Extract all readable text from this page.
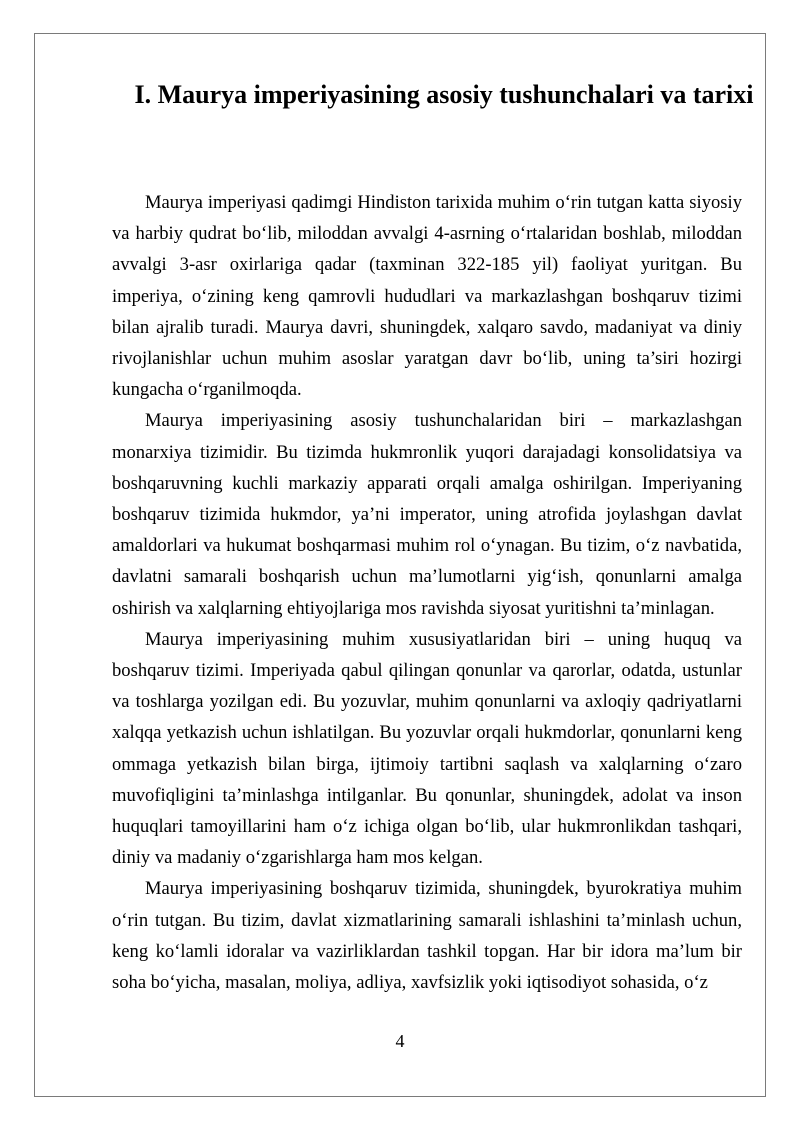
I. Maurya imperiyasining asosiy tushunchalari va tarixi

Maurya imperiyasi qadimgi Hindiston tarixida muhim o‘rin tutgan katta siyosiy va harbiy qudrat bo‘lib, miloddan avvalgi 4-asrning o‘rtalaridan boshlab, miloddan avvalgi 3-asr oxirlariga qadar (taxminan 322-185 yil) faoliyat yuritgan. Bu imperiya, o‘zining keng qamrovli hududlari va markazlashgan boshqaruv tizimi bilan ajralib turadi. Maurya davri, shuningdek, xalqaro savdo, madaniyat va diniy rivojlanishlar uchun muhim asoslar yaratgan davr bo‘lib, uning ta’siri hozirgi kungacha o‘rganilmoqda.

Maurya imperiyasining asosiy tushunchalaridan biri – markazlashgan monarxiya tizimidir. Bu tizimda hukmronlik yuqori darajadagi konsolidatsiya va boshqaruvning kuchli markaziy apparati orqali amalga oshirilgan. Imperiyaning boshqaruv tizimida hukmdor, ya’ni imperator, uning atrofida joylashgan davlat amaldorlari va hukumat boshqarmasi muhim rol o‘ynagan. Bu tizim, o‘z navbatida, davlatni samarali boshqarish uchun ma’lumotlarni yig‘ish, qonunlarni amalga oshirish va xalqlarning ehtiyojlariga mos ravishda siyosat yuritishni ta’minlagan.

Maurya imperiyasining muhim xususiyatlaridan biri – uning huquq va boshqaruv tizimi. Imperiyada qabul qilingan qonunlar va qarorlar, odatda, ustunlar va toshlarga yozilgan edi. Bu yozuvlar, muhim qonunlarni va axloqiy qadriyatlarni xalqqa yetkazish uchun ishlatilgan. Bu yozuvlar orqali hukmdorlar, qonunlarni keng ommaga yetkazish bilan birga, ijtimoiy tartibni saqlash va xalqlarning o‘zaro muvofiqligini ta’minlashga intilganlar. Bu qonunlar, shuningdek, adolat va inson huquqlari tamoyillarini ham o‘z ichiga olgan bo‘lib, ular hukmronlikdan tashqari, diniy va madaniy o‘zgarishlarga ham mos kelgan.

Maurya imperiyasining boshqaruv tizimida, shuningdek, byurokratiya muhim o‘rin tutgan. Bu tizim, davlat xizmatlarining samarali ishlashini ta’minlash uchun, keng ko‘lamli idoralar va vazirliklardan tashkil topgan. Har bir idora ma’lum bir soha bo‘yicha, masalan, moliya, adliya, xavfsizlik yoki iqtisodiyot sohasida, o‘z

4
